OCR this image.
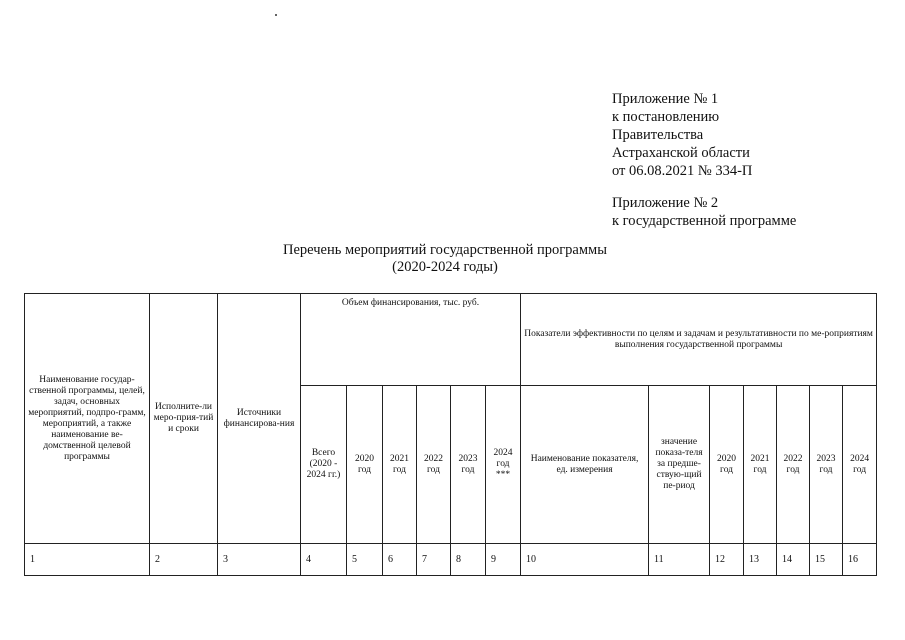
Приложение № 1
к постановлению
Правительства
Астраханской области
от 06.08.2021 № 334-П
Приложение № 2
к государственной программе
Перечень мероприятий государственной программы
(2020-2024 годы)
Наименование государ-ственной программы, целей, задач, основных мероприятий, подпро-грамм, мероприятий, а также наименование ве-домственной целевой программы	Исполните-ли меро-прия-тий и сроки	Источники финансирова-ния	Объем финансирования, тыс. руб.						Показатели эффективности по целям и задачам и результативности по ме-роприятиям выполнения государственной программы						
			Всего (2020 - 2024 гг.)	2020 год	2021 год	2022 год	2023 год	2024 год ***	Наименование показателя, ед. измерения	значение показа-теля за предше-ствую-щий пе-риод	2020 год	2021 год	2022 год	2023 год	2024 год
1	2	3	4	5	6	7	8	9	10	11	12	13	14	15	16
